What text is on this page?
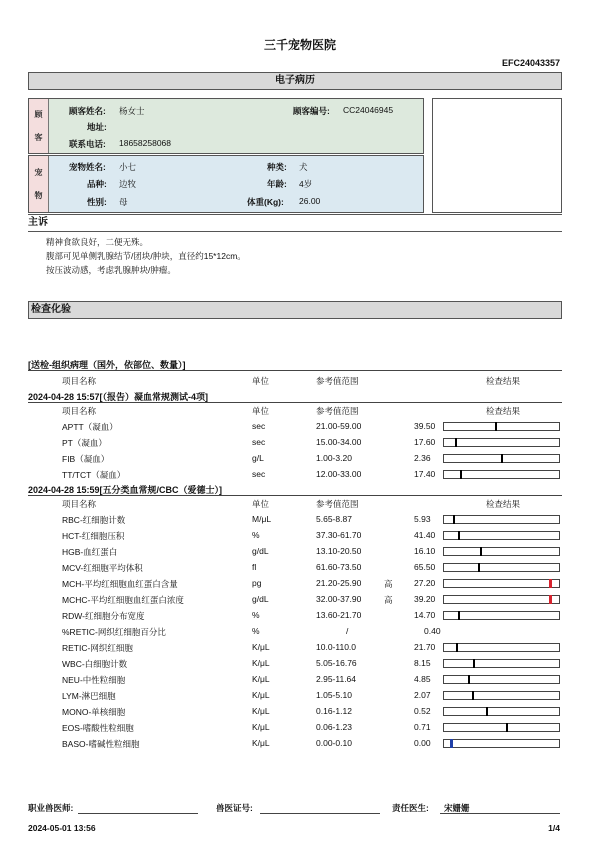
三千宠物医院
EFC24043357
电子病历
顾
客
顾客姓名: 杨女士	顾客编号: CC24046945
地址:
联系电话: 18658258068
宠
物
宠物姓名: 小七	种类: 犬
品种: 边牧	年龄: 4岁
性别: 母	体重(Kg): 26.00
主诉
精神食欲良好，二便无殊。
腹部可见单侧乳腺结节/团块/肿块，直径约15*12cm。
按压波动感，考虑乳腺肿块/肿瘤。
检查化验
[送检-组织病理（国外，依部位、数量）]
项目名称	单位	参考值范围	检查结果
2024-04-28 15:57[（报告）凝血常规测试-4项]
项目名称	单位	参考值范围	检查结果
APTT（凝血）	sec	21.00-59.00	39.50
PT（凝血）	sec	15.00-34.00	17.60
FIB（凝血）	g/L	1.00-3.20	2.36
TT/TCT（凝血）	sec	12.00-33.00	17.40
2024-04-28 15:59[五分类血常规/CBC（爱德士）]
项目名称	单位	参考值范围	检查结果
RBC-红细胞计数	M/μL	5.65-8.87	5.93
HCT-红细胞压积	%	37.30-61.70	41.40
HGB-血红蛋白	g/dL	13.10-20.50	16.10
MCV-红细胞平均体积	fl	61.60-73.50	65.50
MCH-平均红细胞血红蛋白含量	pg	21.20-25.90	高	27.20
MCHC-平均红细胞血红蛋白浓度	g/dL	32.00-37.90	高	39.20
RDW-红细胞分布宽度	%	13.60-21.70	14.70
%RETIC-网织红细胞百分比	%	/	0.40
RETIC-网织红细胞	K/μL	10.0-110.0	21.70
WBC-白细胞计数	K/μL	5.05-16.76	8.15
NEU-中性粒细胞	K/μL	2.95-11.64	4.85
LYM-淋巴细胞	K/μL	1.05-5.10	2.07
MONO-单核细胞	K/μL	0.16-1.12	0.52
EOS-嗜酸性粒细胞	K/μL	0.06-1.23	0.71
BASO-嗜碱性粒细胞	K/μL	0.00-0.10	0.00
职业兽医师:	兽医证号:	责任医生: 宋姗姗
2024-05-01 13:56	1/4
